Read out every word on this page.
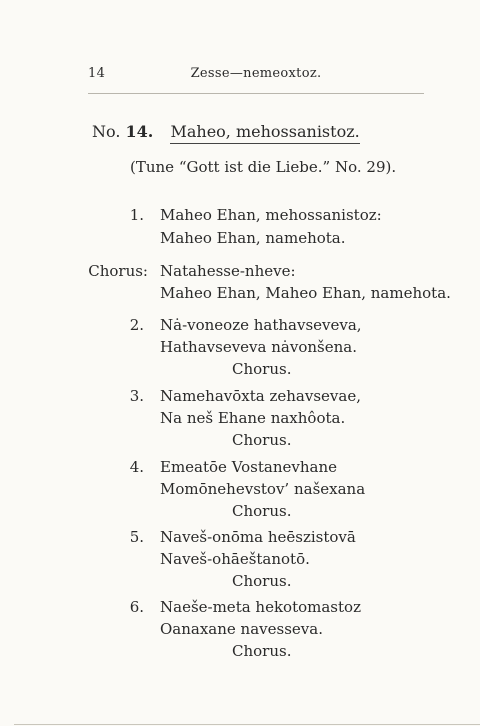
14	Zesse—nemeoxtoz.
No. 14. Maheo, mehossanistoz.
(Tune “Gott ist die Liebe.” No. 29).
1. Maheo Ehan, mehossanistoz:
Maheo Ehan, namehota.
Chorus: Natahesse-nheve:
Maheo Ehan, Maheo Ehan, namehota.
2. Nȧ-voneoze hathavseveva,
Hathavseveva nȧvonšena.
Chorus.
3. Namehavōxta zehavsevae,
Na neš Ehane naxhôota.
Chorus.
4. Emeatōe Vostanevhane
Momōnehevstov’ našexana
Chorus.
5. Naveš-onōma heēszistovā
Naveš-ohāeštanotō.
Chorus.
6. Naeše-meta hekotomastoz
Oanaxane navesseva.
Chorus.
